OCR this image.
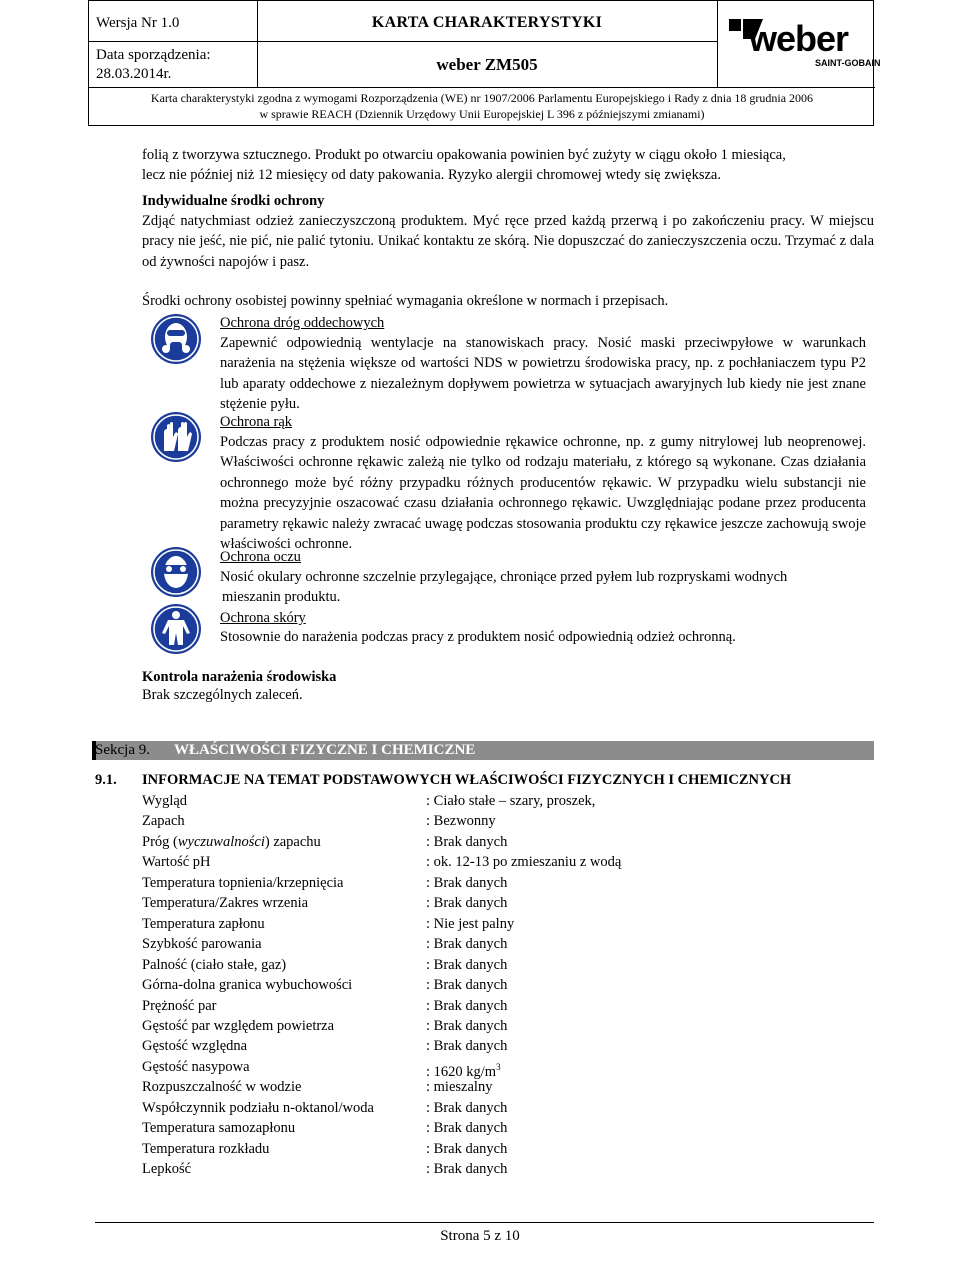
Wersja Nr 1.0	KARTA CHARAKTERYSTYKI
Data sporządzenia:
28.03.2014r.	weber ZM505
weber
SAINT-GOBAIN
Karta charakterystyki zgodna z wymogami Rozporządzenia (WE) nr 1907/2006 Parlamentu Europejskiego i Rady z dnia 18 grudnia 2006
w sprawie REACH (Dziennik Urzędowy Unii Europejskiej L 396 z późniejszymi zmianami)
folią z tworzywa sztucznego. Produkt po otwarciu opakowania powinien być zużyty w ciągu około 1 miesiąca,
lecz nie później niż 12 miesięcy od daty pakowania. Ryzyko alergii chromowej wtedy się zwiększa.
Indywidualne środki ochrony
Zdjąć natychmiast odzież zanieczyszczoną produktem. Myć ręce przed każdą przerwą i po zakończeniu pracy. W miejscu pracy nie jeść, nie pić, nie palić tytoniu. Unikać kontaktu ze skórą. Nie dopuszczać do zanieczyszczenia oczu. Trzymać z dala od żywności napojów i pasz.
Środki ochrony osobistej powinny spełniać wymagania określone w normach i przepisach.
Ochrona dróg oddechowych
Zapewnić odpowiednią wentylacje na stanowiskach pracy. Nosić maski przeciwpyłowe w warunkach narażenia na stężenia większe od wartości NDS w powietrzu środowiska pracy, np. z pochłaniaczem typu P2 lub aparaty oddechowe z niezależnym dopływem powietrza w sytuacjach awaryjnych lub kiedy nie jest znane stężenie pyłu.
Ochrona rąk
Podczas pracy z produktem nosić odpowiednie rękawice ochronne, np. z gumy nitrylowej lub neoprenowej. Właściwości ochronne rękawic zależą nie tylko od rodzaju materiału, z którego są wykonane. Czas działania ochronnego może być różny przypadku różnych producentów rękawic. W przypadku wielu substancji nie można precyzyjnie oszacować czasu działania ochronnego rękawic. Uwzględniając podane przez producenta parametry rękawic należy zwracać uwagę podczas stosowania produktu czy rękawice jeszcze zachowują swoje właściwości ochronne.
Ochrona oczu
Nosić okulary ochronne szczelnie przylegające, chroniące przed pyłem lub rozpryskami wodnych
mieszanin produktu.
Ochrona skóry
Stosownie do narażenia podczas pracy z produktem nosić odpowiednią odzież ochronną.
Kontrola narażenia środowiska
Brak szczególnych zaleceń.
Sekcja 9. WŁAŚCIWOŚCI FIZYCZNE I CHEMICZNE
9.1. INFORMACJE NA TEMAT PODSTAWOWYCH WŁAŚCIWOŚCI FIZYCZNYCH I CHEMICZNYCH
Wygląd	: Ciało stałe – szary, proszek,
Zapach	: Bezwonny
Próg (wyczuwalności) zapachu	: Brak danych
Wartość pH	: ok. 12-13 po zmieszaniu z wodą
Temperatura topnienia/krzepnięcia	: Brak danych
Temperatura/Zakres wrzenia	: Brak danych
Temperatura zapłonu	: Nie jest palny
Szybkość parowania	: Brak danych
Palność (ciało stałe, gaz)	: Brak danych
Górna-dolna granica wybuchowości	: Brak danych
Prężność par	: Brak danych
Gęstość par względem powietrza	: Brak danych
Gęstość względna	: Brak danych
Gęstość nasypowa	: 1620 $kg/m^3$
Rozpuszczalność w wodzie	: mieszalny
Współczynnik podziału n-oktanol/woda	: Brak danych
Temperatura samozapłonu	: Brak danych
Temperatura rozkładu	: Brak danych
Lepkość	: Brak danych
Strona 5 z 10
